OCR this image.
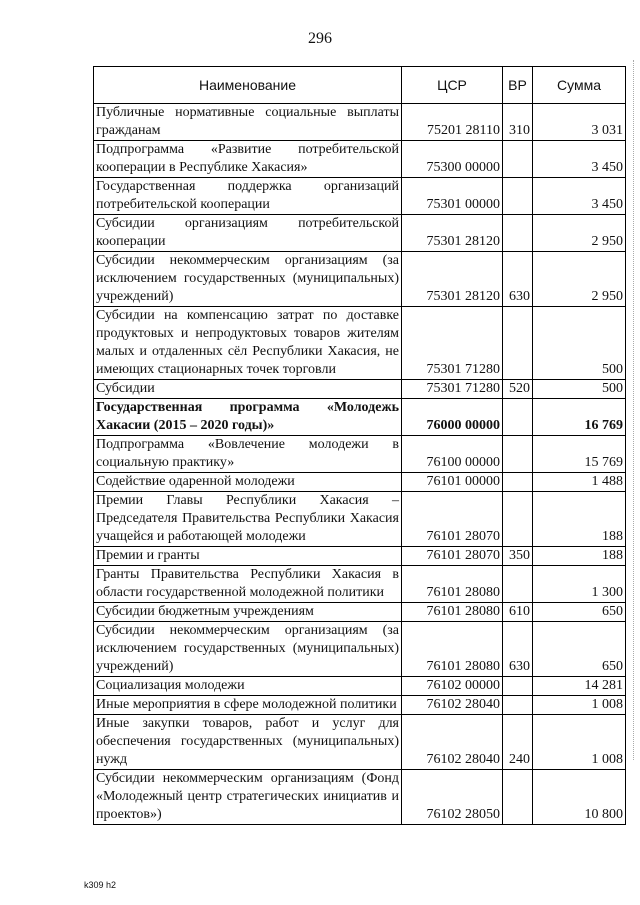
296
Наименование	ЦСР	ВР	Сумма
Публичные нормативные социальные выплаты гражданам	75201 28110	310	3 031
Подпрограмма «Развитие потребительской кооперации в Республике Хакасия»	75300 00000		3 450
Государственная поддержка организаций потребительской кооперации	75301 00000		3 450
Субсидии организациям потребительской кооперации	75301 28120		2 950
Субсидии некоммерческим организациям (за исключением государственных (муниципальных) учреждений)	75301 28120	630	2 950
Субсидии на компенсацию затрат по доставке продуктовых и непродуктовых товаров жителям малых и отдаленных сёл Республики Хакасия, не имеющих стационарных точек торговли	75301 71280		500
Субсидии	75301 71280	520	500
Государственная программа «Молодежь Хакасии (2015 – 2020 годы)»	76000 00000		16 769
Подпрограмма «Вовлечение молодежи в социальную практику»	76100 00000		15 769
Содействие одаренной молодежи	76101 00000		1 488
Премии Главы Республики Хакасия – Председателя Правительства Республики Хакасия учащейся и работающей молодежи	76101 28070		188
Премии и гранты	76101 28070	350	188
Гранты Правительства Республики Хакасия в области государственной молодежной политики	76101 28080		1 300
Субсидии бюджетным учреждениям	76101 28080	610	650
Субсидии некоммерческим организациям (за исключением государственных (муниципальных) учреждений)	76101 28080	630	650
Социализация молодежи	76102 00000		14 281
Иные мероприятия в сфере молодежной политики	76102 28040		1 008
Иные закупки товаров, работ и услуг для обеспечения государственных (муниципальных) нужд	76102 28040	240	1 008
Субсидии некоммерческим организациям (Фонд «Молодежный центр стратегических инициатив и проектов»)	76102 28050		10 800
k309 h2
